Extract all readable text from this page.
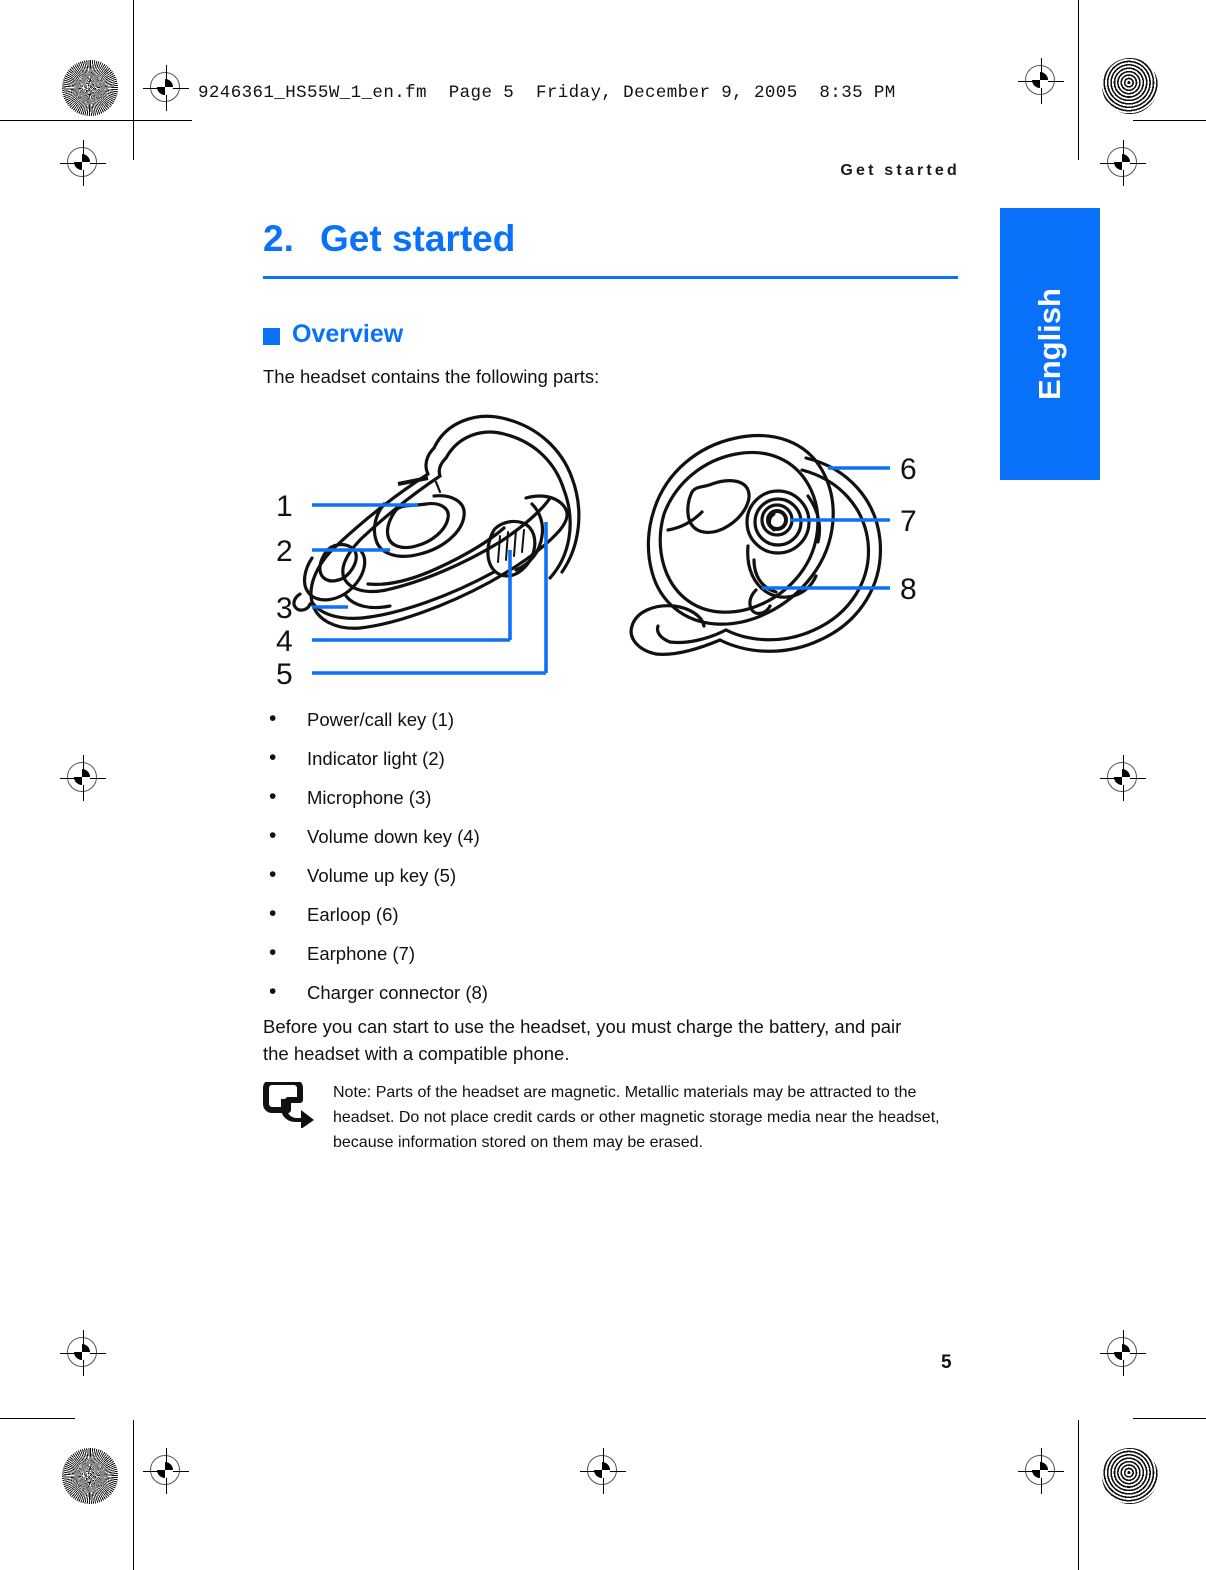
9246361_HS55W_1_en.fm  Page 5  Friday, December 9, 2005  8:35 PM
Get started
English
2. Get started
Overview
The headset contains the following parts:
1
2
3
4
5
6
7
8
• Power/call key (1)
• Indicator light (2)
• Microphone (3)
• Volume down key (4)
• Volume up key (5)
• Earloop (6)
• Earphone (7)
• Charger connector (8)
Before you can start to use the headset, you must charge the battery, and pair the headset with a compatible phone.
Note: Parts of the headset are magnetic. Metallic materials may be attracted to the headset. Do not place credit cards or other magnetic storage media near the headset, because information stored on them may be erased.
5
